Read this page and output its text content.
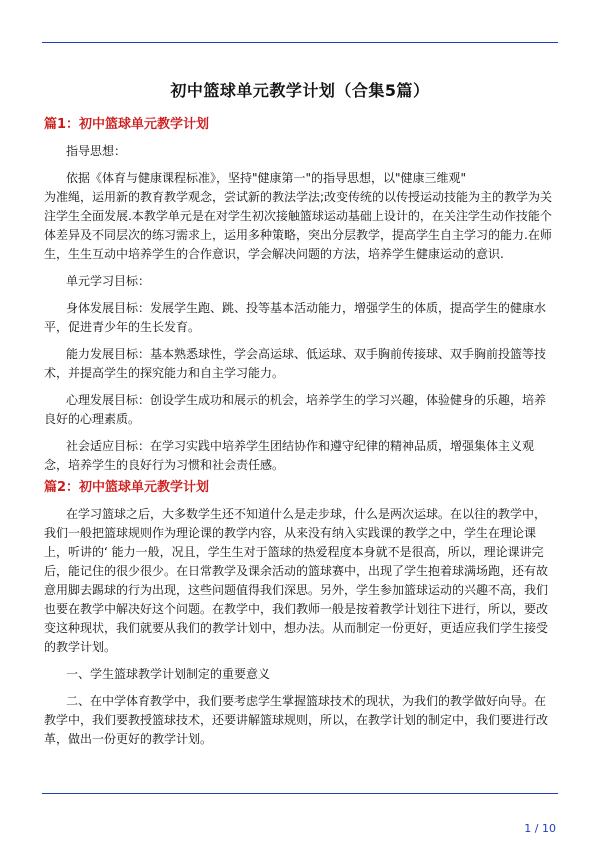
初中篮球单元教学计划（合集5篇）

篇1：初中篮球单元教学计划

指导思想：

依据《体育与健康课程标准》，坚持"健康第一"的指导思想，以"健康三维观"

为准绳，运用新的教育教学观念，尝试新的教法学法;改变传统的以传授运动技能为主的教学为关注学生全面发展.本教学单元是在对学生初次接触篮球运动基础上设计的，在关注学生动作技能个体差异及不同层次的练习需求上，运用多种策略，突出分层教学，提高学生自主学习的能力.在师生，生生互动中培养学生的合作意识，学会解决问题的方法，培养学生健康运动的意识.

单元学习目标：

身体发展目标：发展学生跑、跳、投等基本活动能力，增强学生的体质，提高学生的健康水平，促进青少年的生长发育。

能力发展目标：基本熟悉球性，学会高运球、低运球、双手胸前传接球、双手胸前投篮等技术，并提高学生的探究能力和自主学习能力。

心理发展目标：创设学生成功和展示的机会，培养学生的学习兴趣，体验健身的乐趣，培养良好的心理素质。

社会适应目标：在学习实践中培养学生团结协作和遵守纪律的精神品质，增强集体主义观念，培养学生的良好行为习惯和社会责任感。

篇2：初中篮球单元教学计划

在学习篮球之后，大多数学生还不知道什么是走步球，什么是两次运球。在以往的教学中，我们一般把篮球规则作为理论课的教学内容，从来没有纳入实践课的教学之中，学生在理论课上，听讲的‘ 能力一般，况且，学生生对于篮球的热爱程度本身就不是很高，所以，理论课讲完后，能记住的很少很少。在日常教学及课余活动的篮球赛中，出现了学生抱着球满场跑，还有故意用脚去踢球的行为出现，这些问题值得我们深思。另外，学生参加篮球运动的兴趣不高，我们也要在教学中解决好这个问题。在教学中，我们教师一般是按着教学计划往下进行，所以，要改变这种现状，我们就要从我们的教学计划中，想办法。从而制定一份更好，更适应我们学生接受的教学计划。

一、学生篮球教学计划制定的重要意义

二、在中学体育教学中，我们要考虑学生掌握篮球技术的现状，为我们的教学做好向导。在教学中，我们要教授篮球技术，还要讲解篮球规则，所以，在教学计划的制定中，我们要进行改革，做出一份更好的教学计划。

1 / 10
